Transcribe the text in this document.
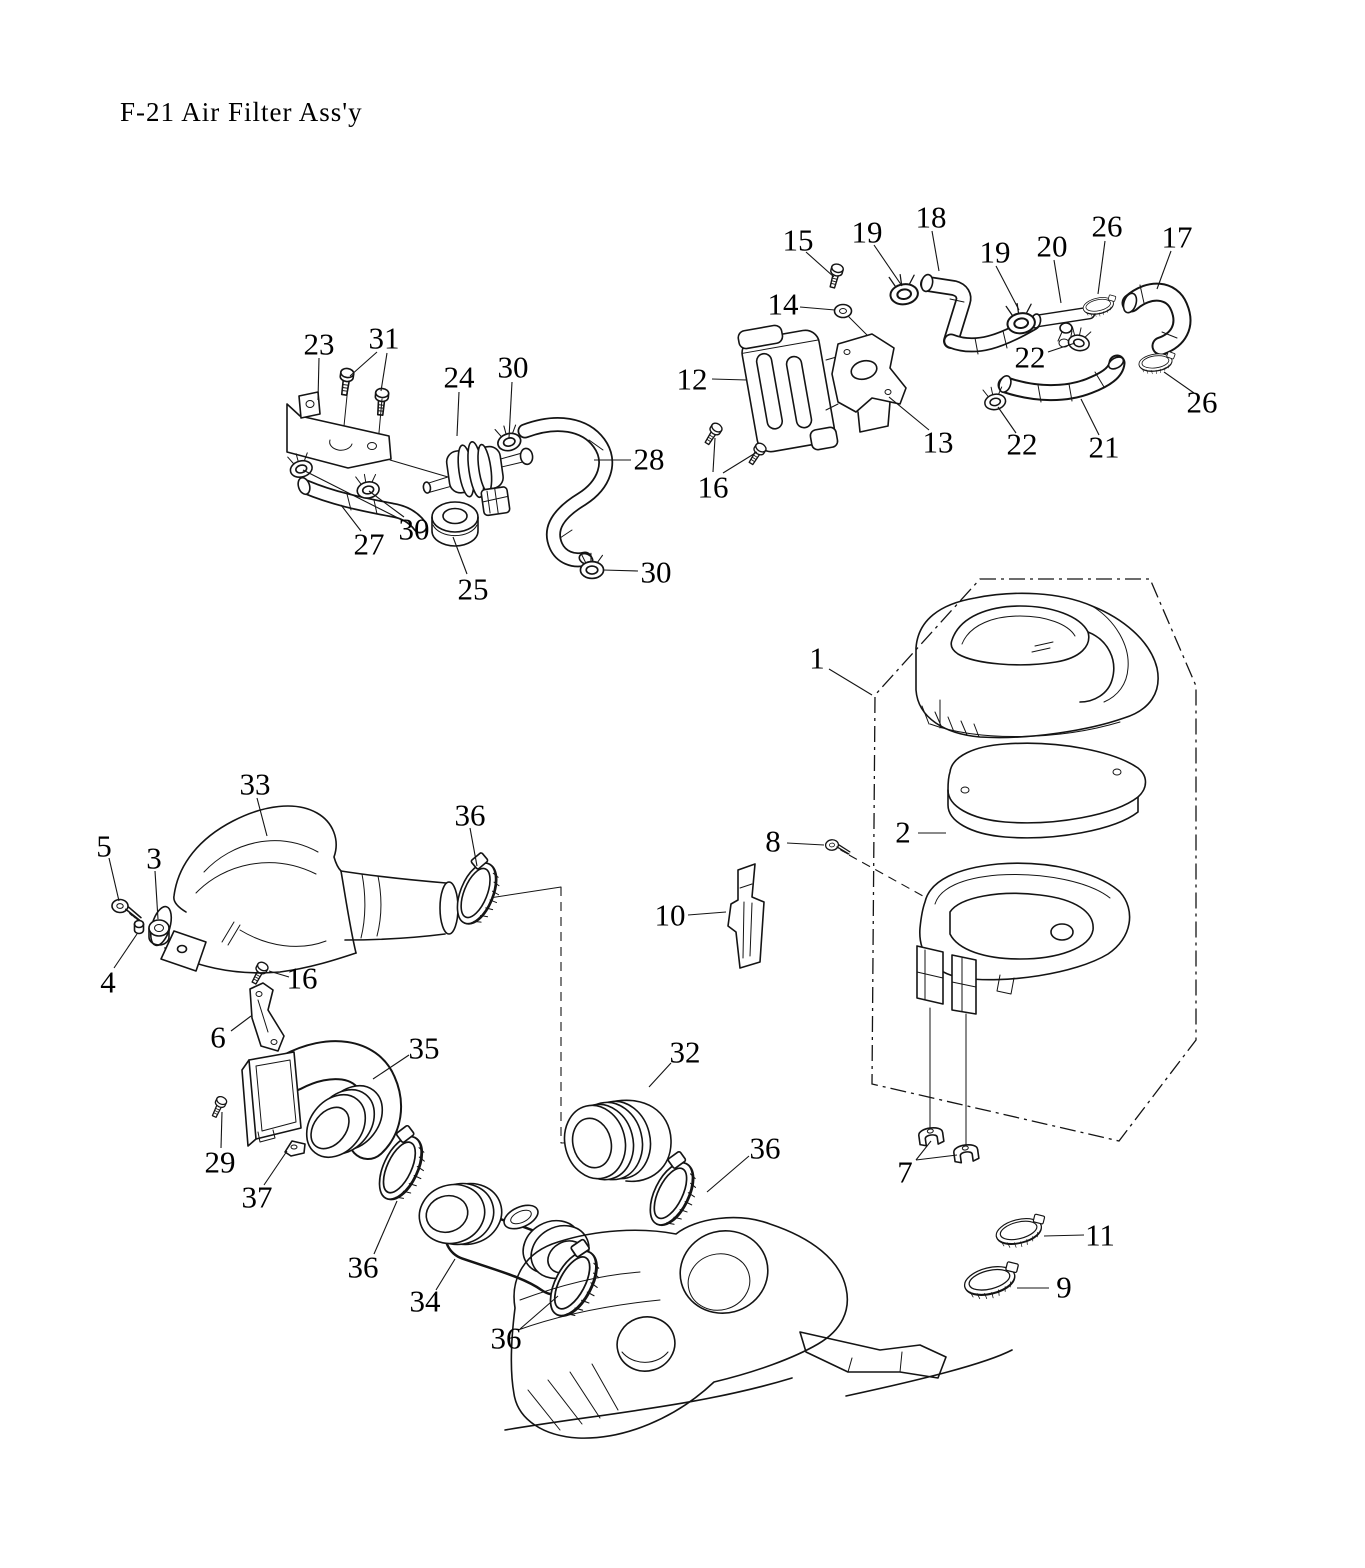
F-21 Air Filter Ass'y
23 31
24 30
28
27 30
25	30
15 19 18
19 20
26 17
14
12
22
13 22 21
26
16
1
2
8
10
7
11
9
5 3
33
36
4	16
6	35	32
29
37
36
34
36
36
